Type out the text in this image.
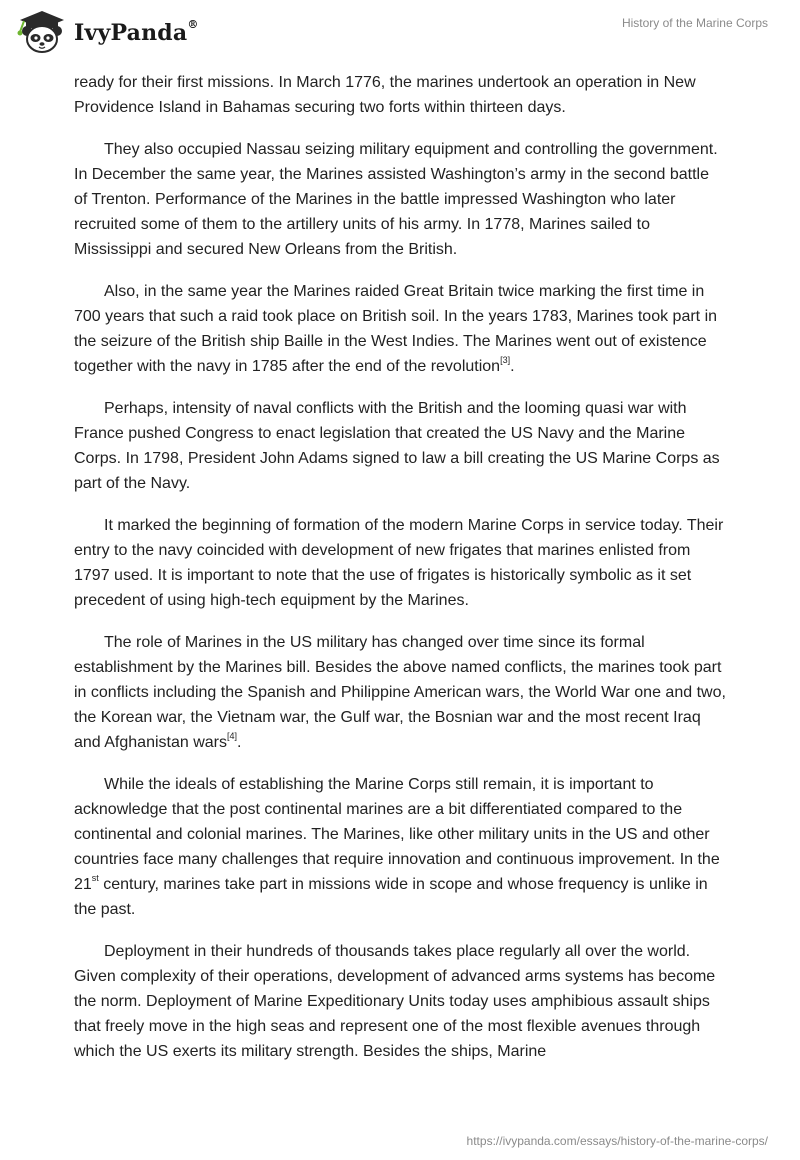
IvyPanda®	History of the Marine Corps

ready for their first missions. In March 1776, the marines undertook an operation in New Providence Island in Bahamas securing two forts within thirteen days.

They also occupied Nassau seizing military equipment and controlling the government. In December the same year, the Marines assisted Washington’s army in the second battle of Trenton. Performance of the Marines in the battle impressed Washington who later recruited some of them to the artillery units of his army. In 1778, Marines sailed to Mississippi and secured New Orleans from the British.

Also, in the same year the Marines raided Great Britain twice marking the first time in 700 years that such a raid took place on British soil. In the years 1783, Marines took part in the seizure of the British ship Baille in the West Indies. The Marines went out of existence together with the navy in 1785 after the end of the revolution[3].

Perhaps, intensity of naval conflicts with the British and the looming quasi war with France pushed Congress to enact legislation that created the US Navy and the Marine Corps. In 1798, President John Adams signed to law a bill creating the US Marine Corps as part of the Navy.

It marked the beginning of formation of the modern Marine Corps in service today. Their entry to the navy coincided with development of new frigates that marines enlisted from 1797 used. It is important to note that the use of frigates is historically symbolic as it set precedent of using high-tech equipment by the Marines.

The role of Marines in the US military has changed over time since its formal establishment by the Marines bill. Besides the above named conflicts, the marines took part in conflicts including the Spanish and Philippine American wars, the World War one and two, the Korean war, the Vietnam war, the Gulf war, the Bosnian war and the most recent Iraq and Afghanistan wars[4].

While the ideals of establishing the Marine Corps still remain, it is important to acknowledge that the post continental marines are a bit differentiated compared to the continental and colonial marines. The Marines, like other military units in the US and other countries face many challenges that require innovation and continuous improvement. In the 21st century, marines take part in missions wide in scope and whose frequency is unlike in the past.

Deployment in their hundreds of thousands takes place regularly all over the world. Given complexity of their operations, development of advanced arms systems has become the norm. Deployment of Marine Expeditionary Units today uses amphibious assault ships that freely move in the high seas and represent one of the most flexible avenues through which the US exerts its military strength. Besides the ships, Marine

https://ivypanda.com/essays/history-of-the-marine-corps/
